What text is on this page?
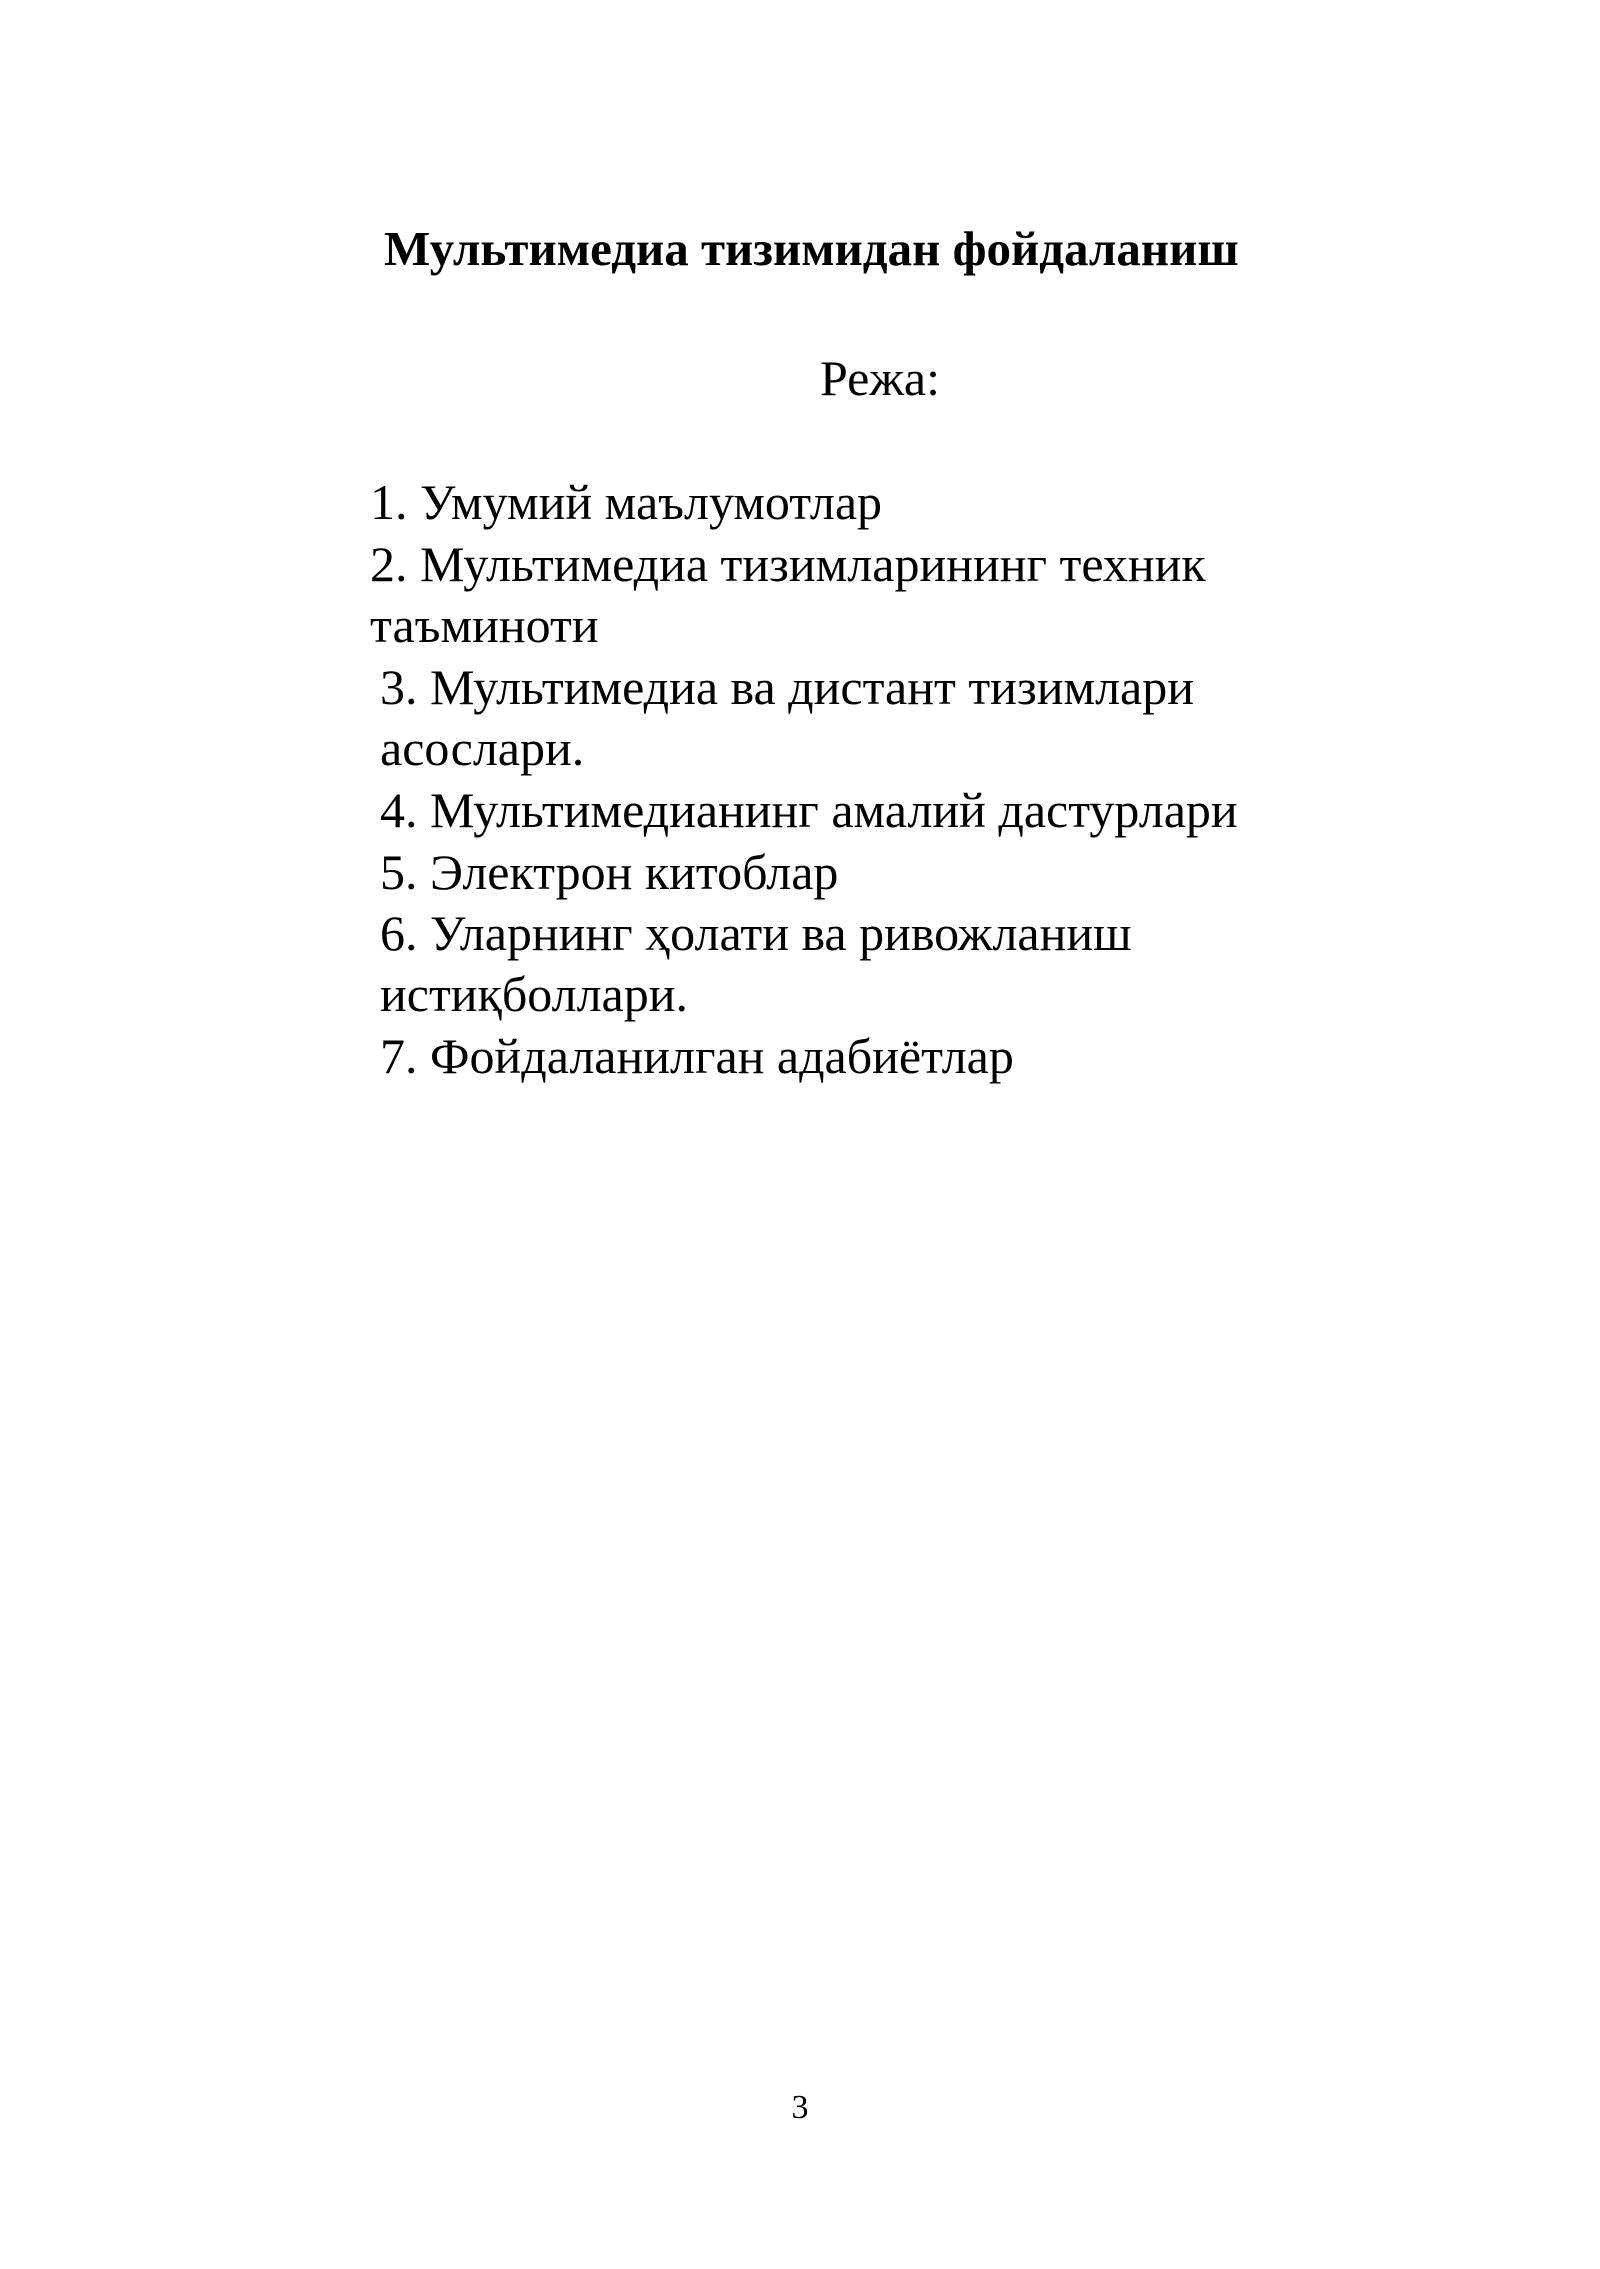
Мультимедиа тизимидан фойдаланиш
Режа:
1. Умумий маълумотлар
2. Мультимедиа тизимларининг техник
таъминоти
3. Мультимедиа ва дистант тизимлари
асослари.
4. Мультимедианинг амалий дастурлари
5. Электрон китоблар
6. Уларнинг ҳолати ва ривожланиш
истиқболлари.
7. Фойдаланилган адабиётлар

3
